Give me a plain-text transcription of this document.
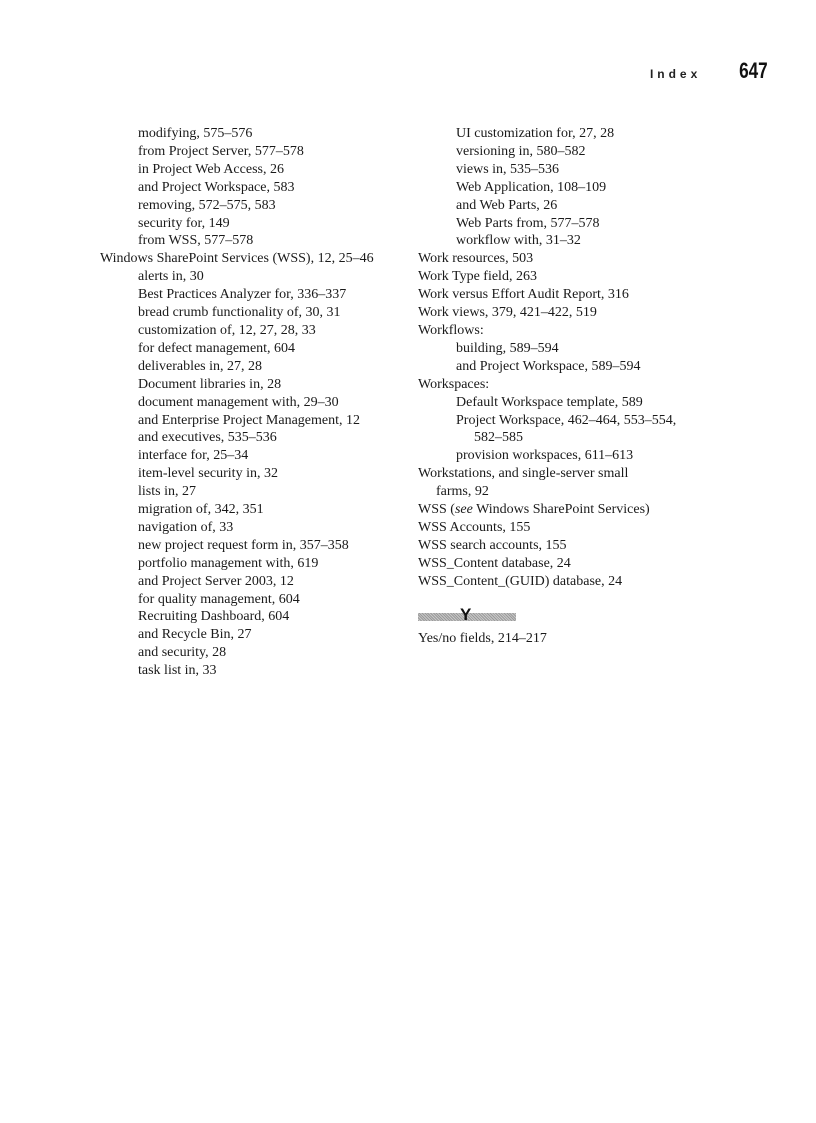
Index 647
modifying, 575–576
from Project Server, 577–578
in Project Web Access, 26
and Project Workspace, 583
removing, 572–575, 583
security for, 149
from WSS, 577–578
Windows SharePoint Services (WSS), 12, 25–46
alerts in, 30
Best Practices Analyzer for, 336–337
bread crumb functionality of, 30, 31
customization of, 12, 27, 28, 33
for defect management, 604
deliverables in, 27, 28
Document libraries in, 28
document management with, 29–30
and Enterprise Project Management, 12
and executives, 535–536
interface for, 25–34
item-level security in, 32
lists in, 27
migration of, 342, 351
navigation of, 33
new project request form in, 357–358
portfolio management with, 619
and Project Server 2003, 12
for quality management, 604
Recruiting Dashboard, 604
and Recycle Bin, 27
and security, 28
task list in, 33
UI customization for, 27, 28
versioning in, 580–582
views in, 535–536
Web Application, 108–109
and Web Parts, 26
Web Parts from, 577–578
workflow with, 31–32
Work resources, 503
Work Type field, 263
Work versus Effort Audit Report, 316
Work views, 379, 421–422, 519
Workflows:
building, 589–594
and Project Workspace, 589–594
Workspaces:
Default Workspace template, 589
Project Workspace, 462–464, 553–554,
582–585
provision workspaces, 611–613
Workstations, and single-server small
farms, 92
WSS (see Windows SharePoint Services)
WSS Accounts, 155
WSS search accounts, 155
WSS_Content database, 24
WSS_Content_(GUID) database, 24
Y
Yes/no fields, 214–217
